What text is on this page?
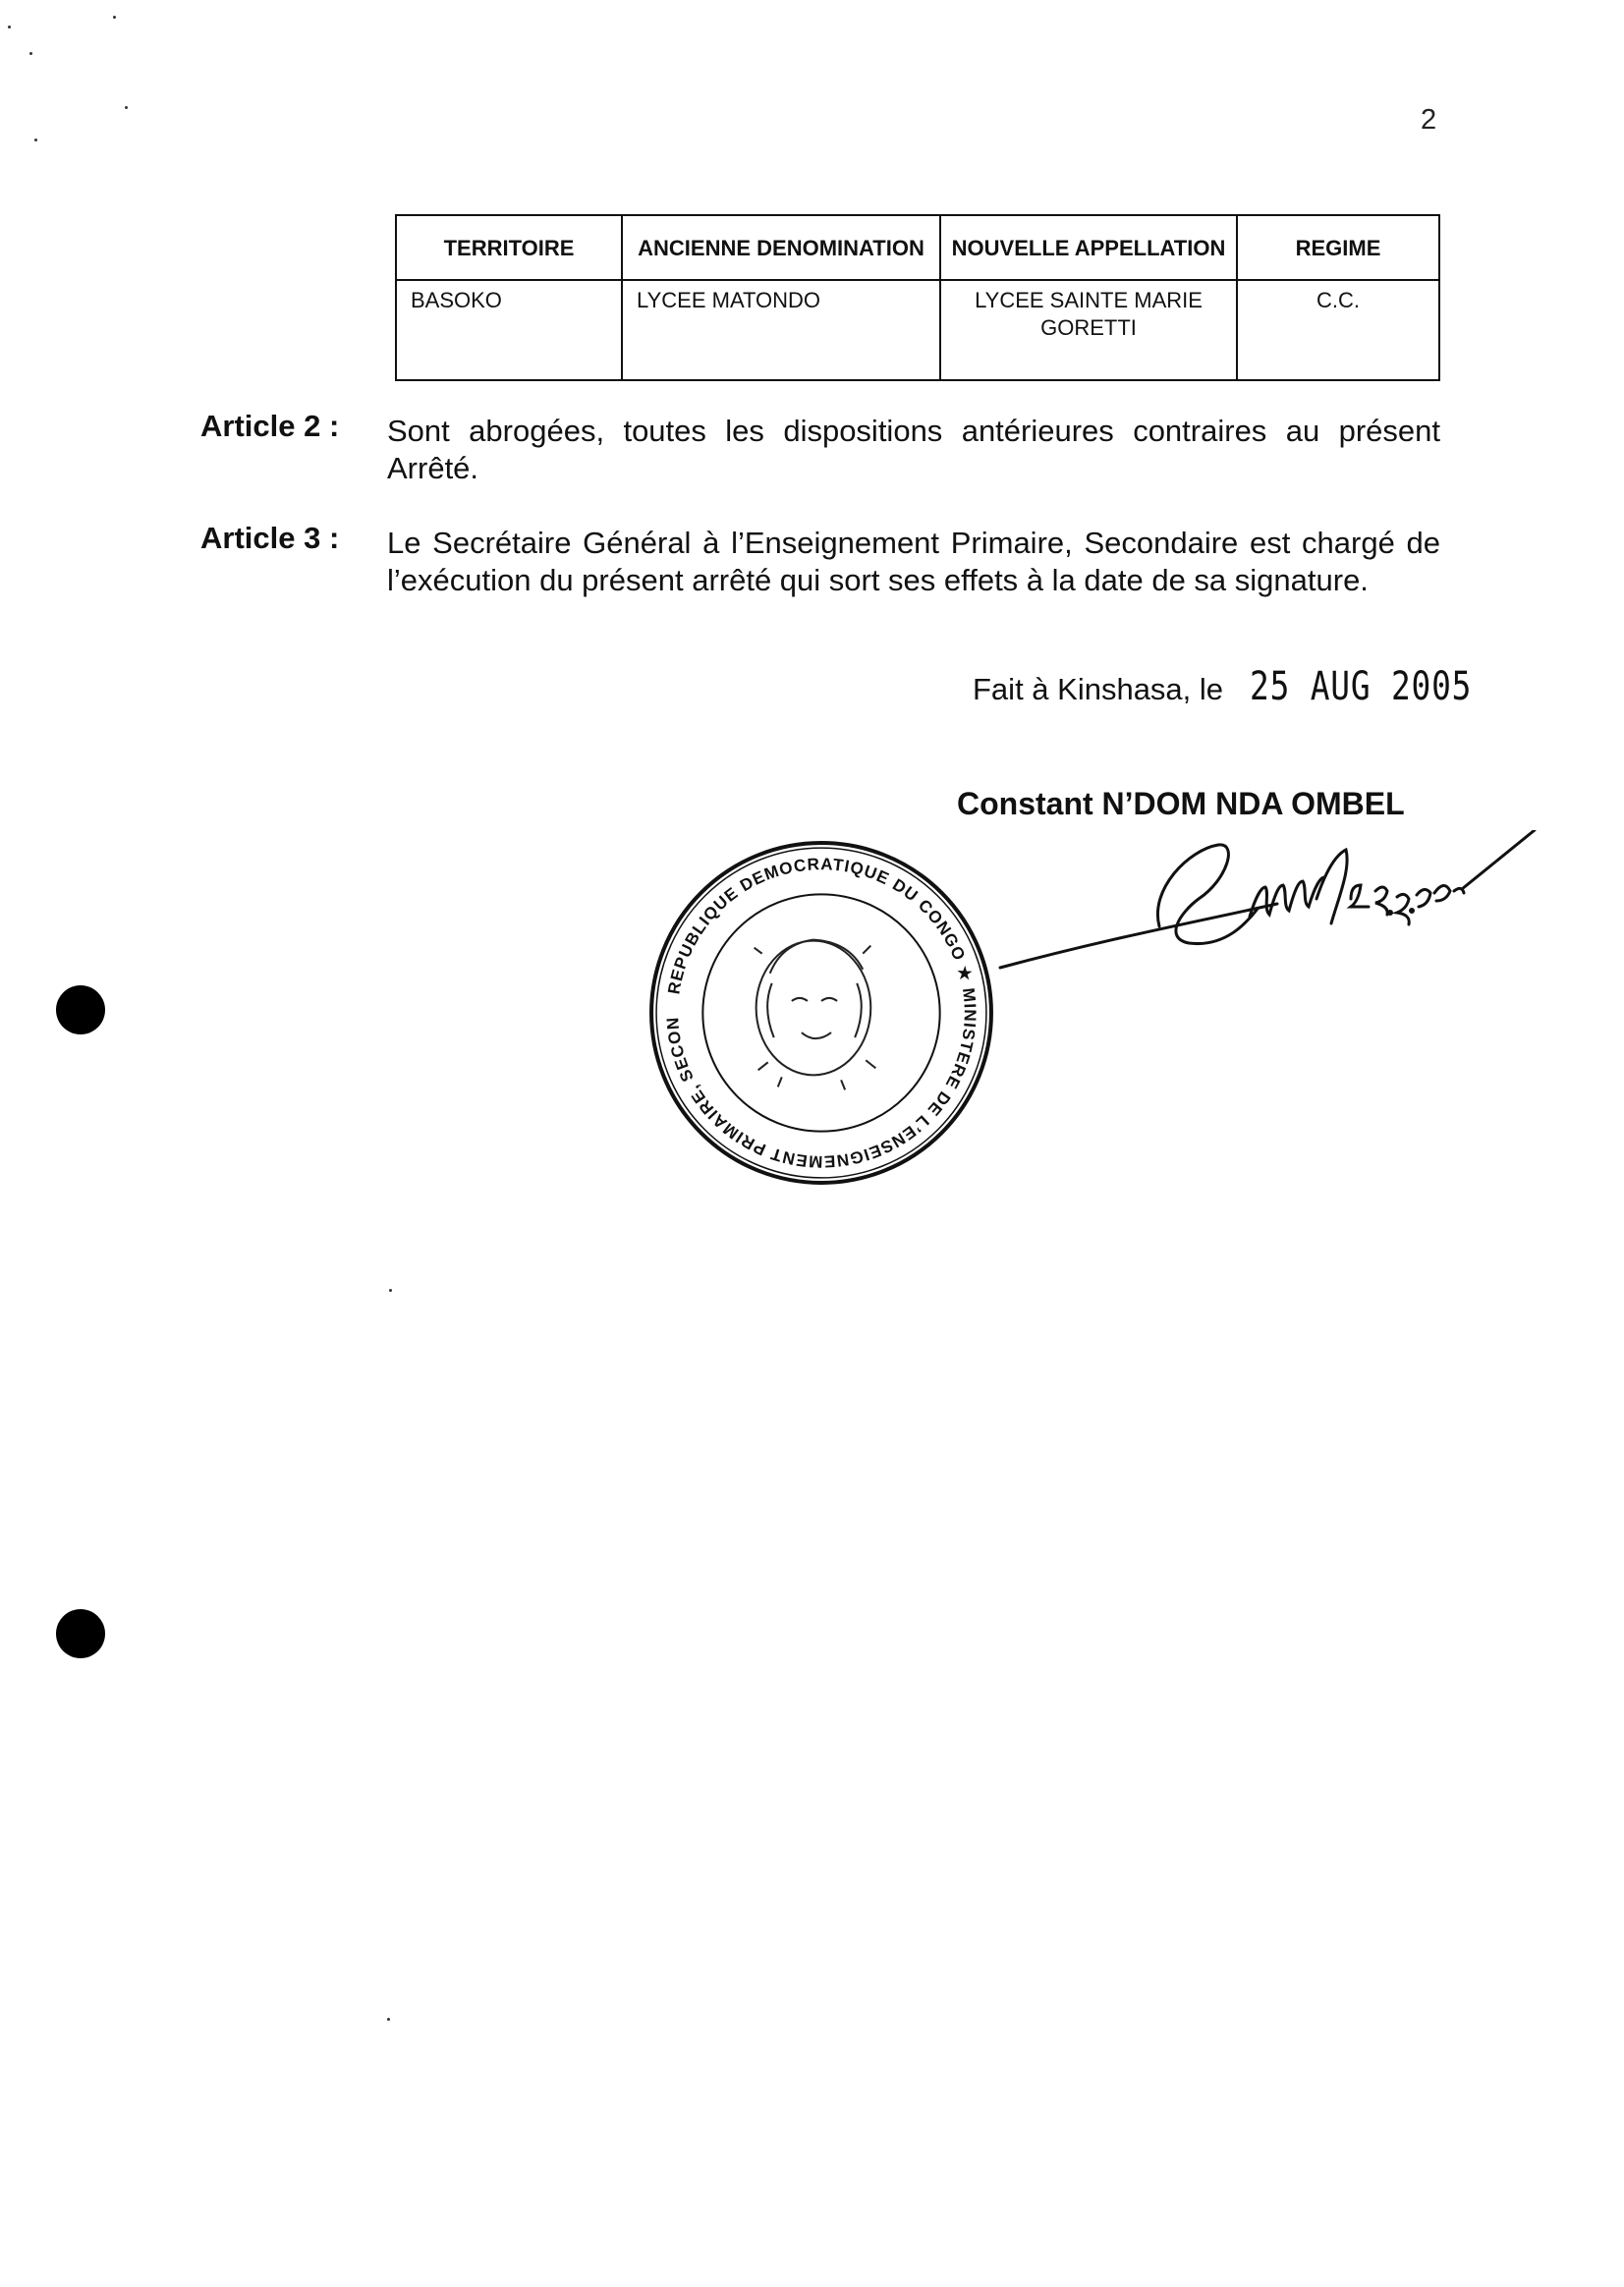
2
TERRITOIRE	ANCIENNE DENOMINATION	NOUVELLE APPELLATION	REGIME
BASOKO	LYCEE MATONDO	LYCEE SAINTE MARIE GORETTI	C.C.
Article 2 : Sont abrogées, toutes les dispositions antérieures contraires au présent Arrêté.
Article 3 : Le Secrétaire Général à l’Enseignement Primaire, Secondaire est chargé de l’exécution du présent arrêté qui sort ses effets à la date de sa signature.
Fait à Kinshasa, le 25 AUG 2005
Constant N’DOM NDA OMBEL
REPUBLIQUE DEMOCRATIQUE DU CONGO ★ MINISTERE DE L’ENSEIGNEMENT PRIMAIRE, SECON
